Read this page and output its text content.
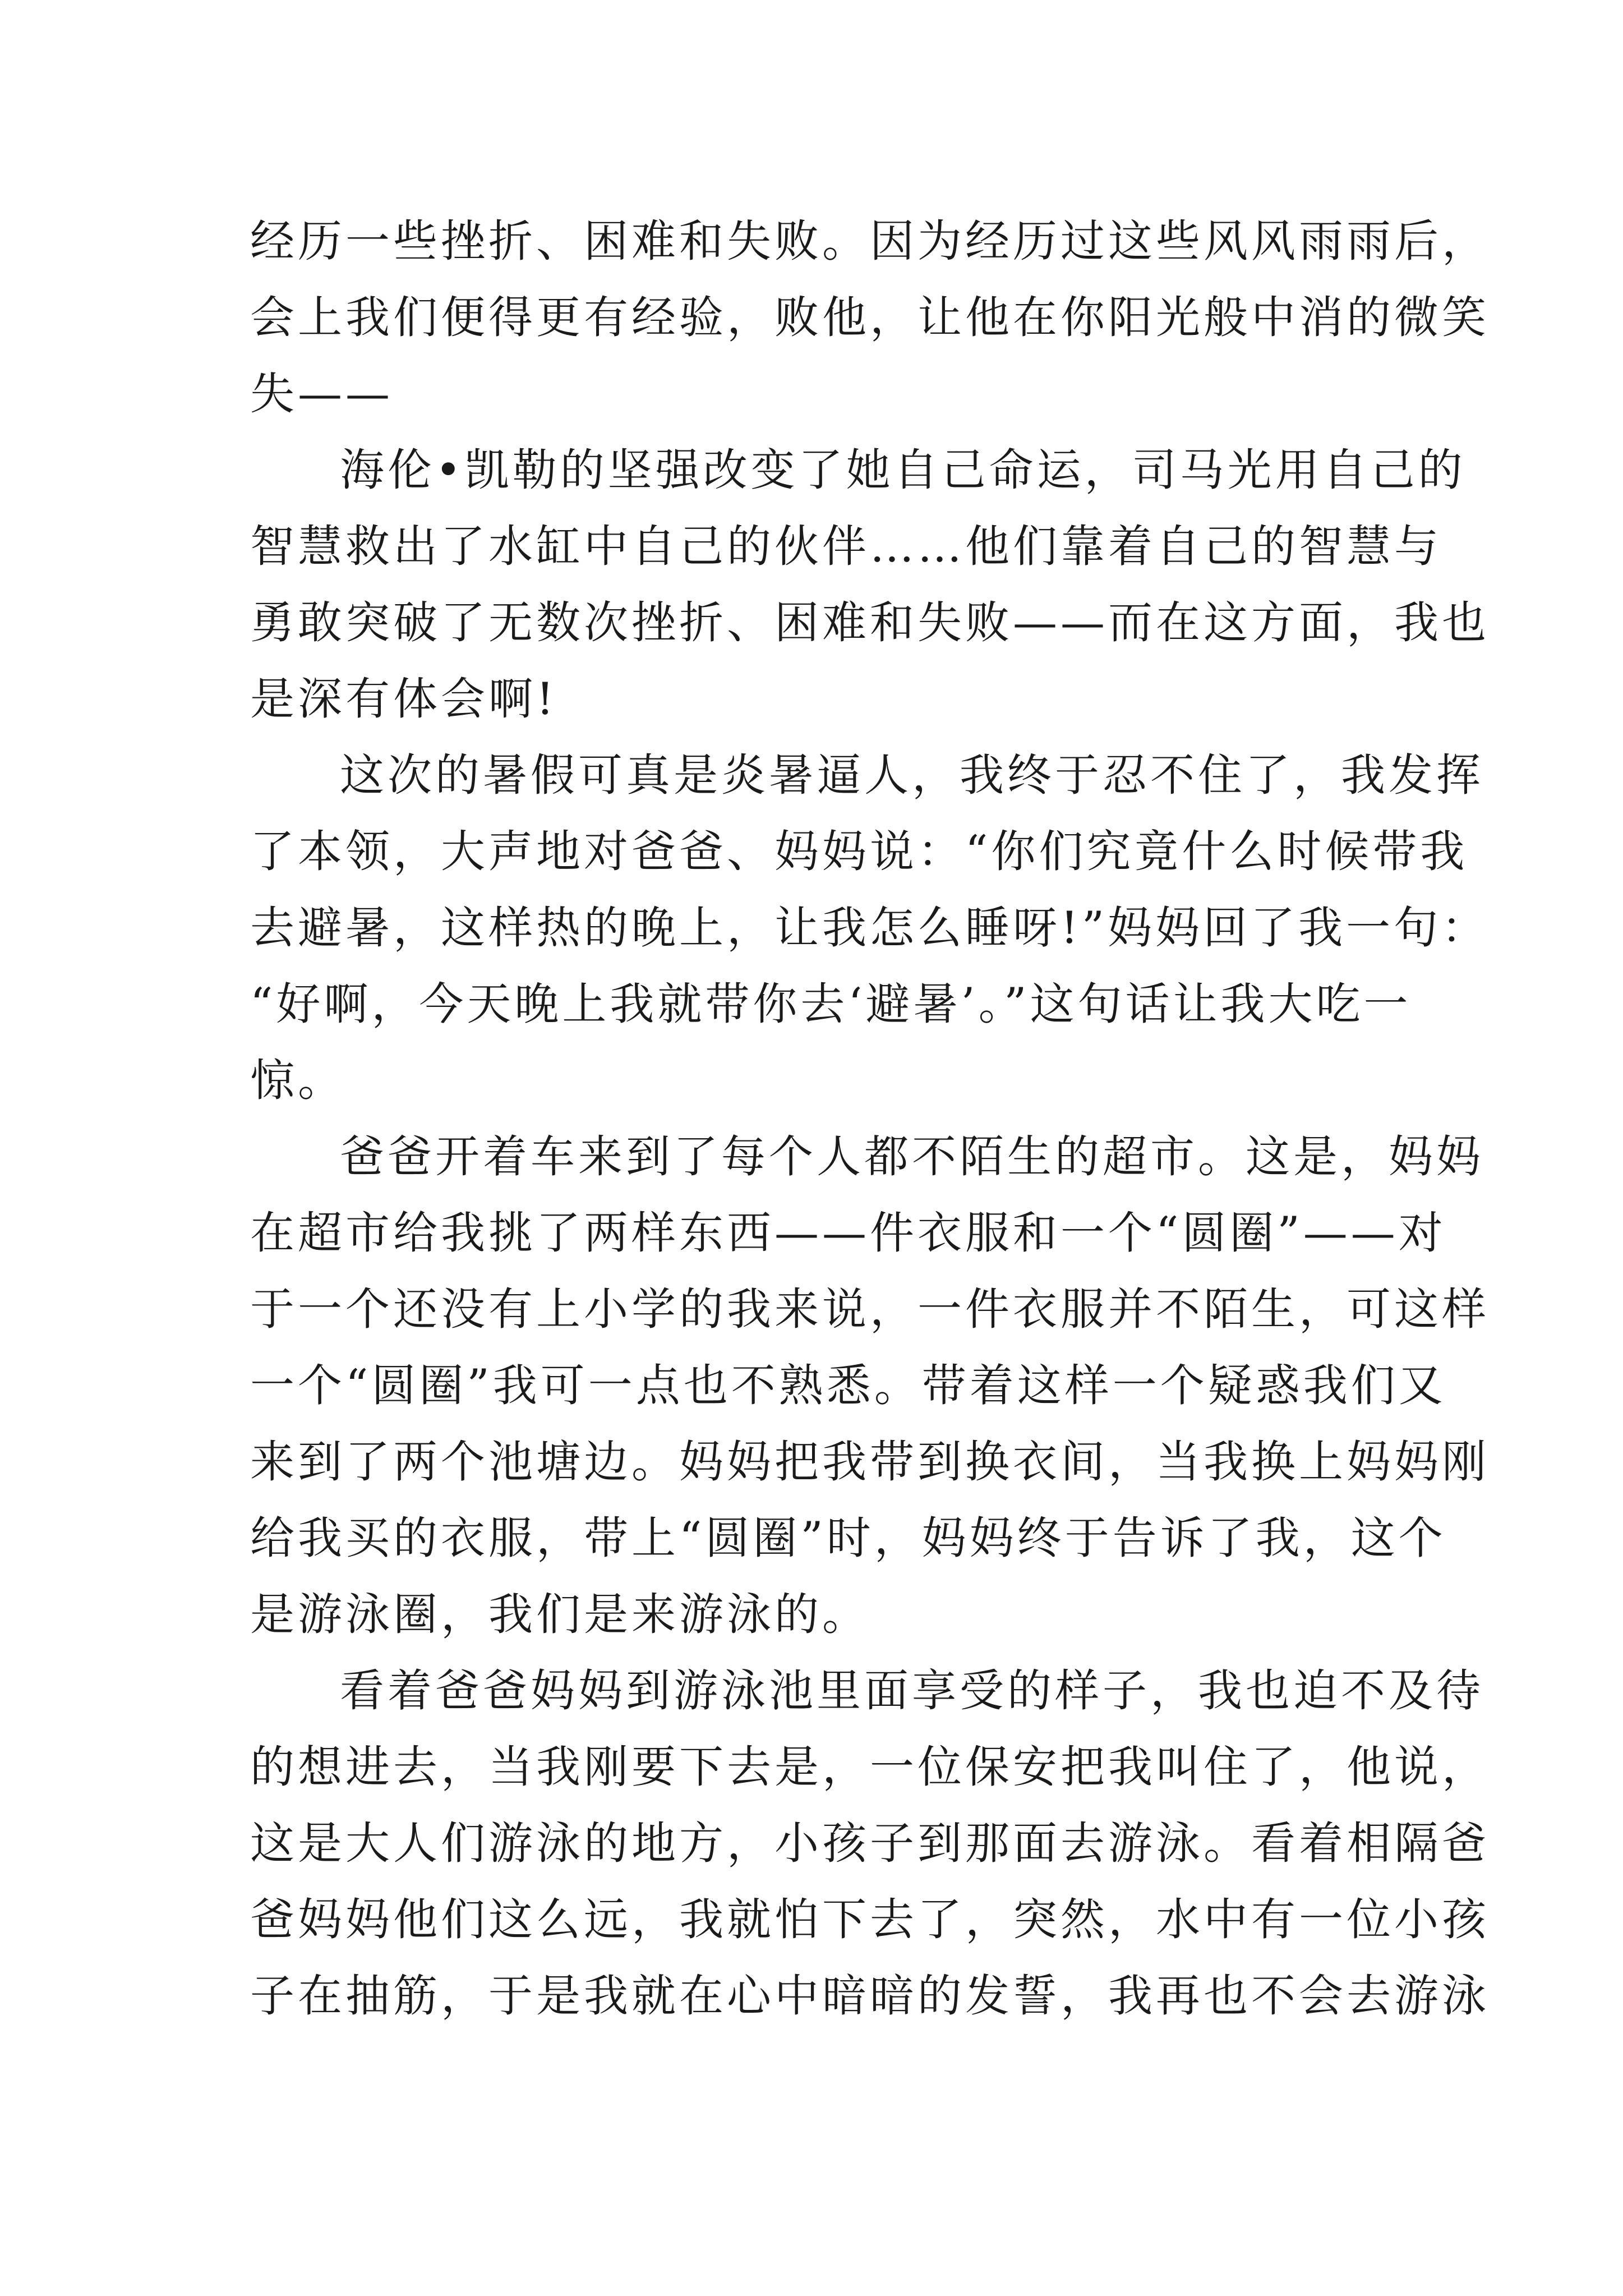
经历一些挫折、困难和失败。因为经历过这些风风雨雨后，
会上我们便得更有经验，败他，让他在你阳光般中消的微笑
失——
海伦•凯勒的坚强改变了她自己命运，司马光用自己的
智慧救出了水缸中自己的伙伴……他们靠着自己的智慧与
勇敢突破了无数次挫折、困难和失败——而在这方面，我也
是深有体会啊!
这次的暑假可真是炎暑逼人，我终于忍不住了，我发挥
了本领，大声地对爸爸、妈妈说：“你们究竟什么时候带我
去避暑，这样热的晚上，让我怎么睡呀!”妈妈回了我一句：
“好啊，今天晚上我就带你去‘避暑’。”这句话让我大吃一
惊。
爸爸开着车来到了每个人都不陌生的超市。这是，妈妈
在超市给我挑了两样东西——件衣服和一个“圆圈”——对
于一个还没有上小学的我来说，一件衣服并不陌生，可这样
一个“圆圈”我可一点也不熟悉。带着这样一个疑惑我们又
来到了两个池塘边。妈妈把我带到换衣间，当我换上妈妈刚
给我买的衣服，带上“圆圈”时，妈妈终于告诉了我，这个
是游泳圈，我们是来游泳的。
看着爸爸妈妈到游泳池里面享受的样子，我也迫不及待
的想进去，当我刚要下去是，一位保安把我叫住了，他说，
这是大人们游泳的地方，小孩子到那面去游泳。看着相隔爸
爸妈妈他们这么远，我就怕下去了，突然，水中有一位小孩
子在抽筋，于是我就在心中暗暗的发誓，我再也不会去游泳
